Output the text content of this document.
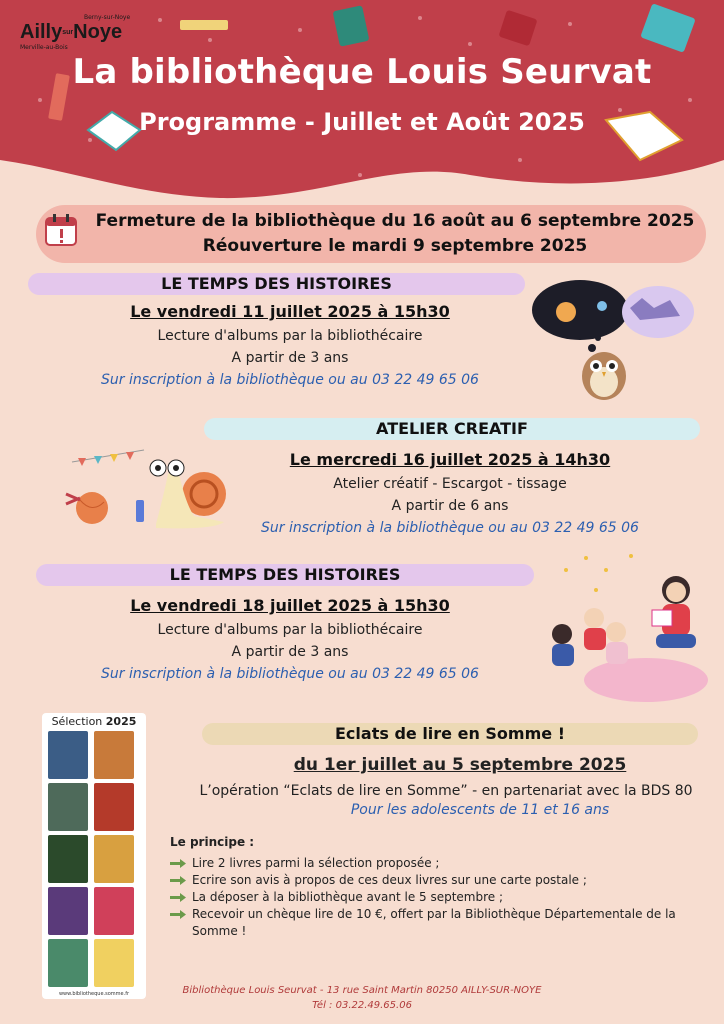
Berny-sur-Noye
AillysurNoye
Merville-au-Bois
La bibliothèque Louis Seurvat
Programme - Juillet et Août 2025
Fermeture de la bibliothèque du 16 août au 6 septembre 2025
Réouverture le mardi 9 septembre 2025
LE TEMPS DES HISTOIRES
Le vendredi 11 juillet 2025 à 15h30
Lecture d'albums par la bibliothécaire
A partir de 3 ans
Sur inscription à la bibliothèque ou au 03 22 49 65 06
ATELIER CREATIF
Le mercredi 16 juillet 2025 à 14h30
Atelier créatif - Escargot - tissage
A partir de 6 ans
Sur inscription à la bibliothèque ou au 03 22 49 65 06
LE TEMPS DES HISTOIRES
Le vendredi 18 juillet 2025 à 15h30
Lecture d'albums par la bibliothécaire
A partir de 3 ans
Sur inscription à la bibliothèque ou au 03 22 49 65 06
Sélection 2025
www.bibliotheque.somme.fr
Eclats de lire en Somme !
du 1er juillet au 5 septembre 2025
L’opération “Eclats de lire en Somme” - en partenariat avec la BDS 80
Pour les adolescents de 11 et 16 ans
Le principe :
Lire 2 livres parmi la sélection proposée ;
Ecrire son avis à propos de ces deux livres sur une carte postale ;
La déposer à la bibliothèque avant le 5 septembre ;
Recevoir un chèque lire de 10 €, offert par la Bibliothèque Départementale de la Somme !
Bibliothèque Louis Seurvat - 13 rue Saint Martin 80250 AILLY-SUR-NOYE
Tél : 03.22.49.65.06
